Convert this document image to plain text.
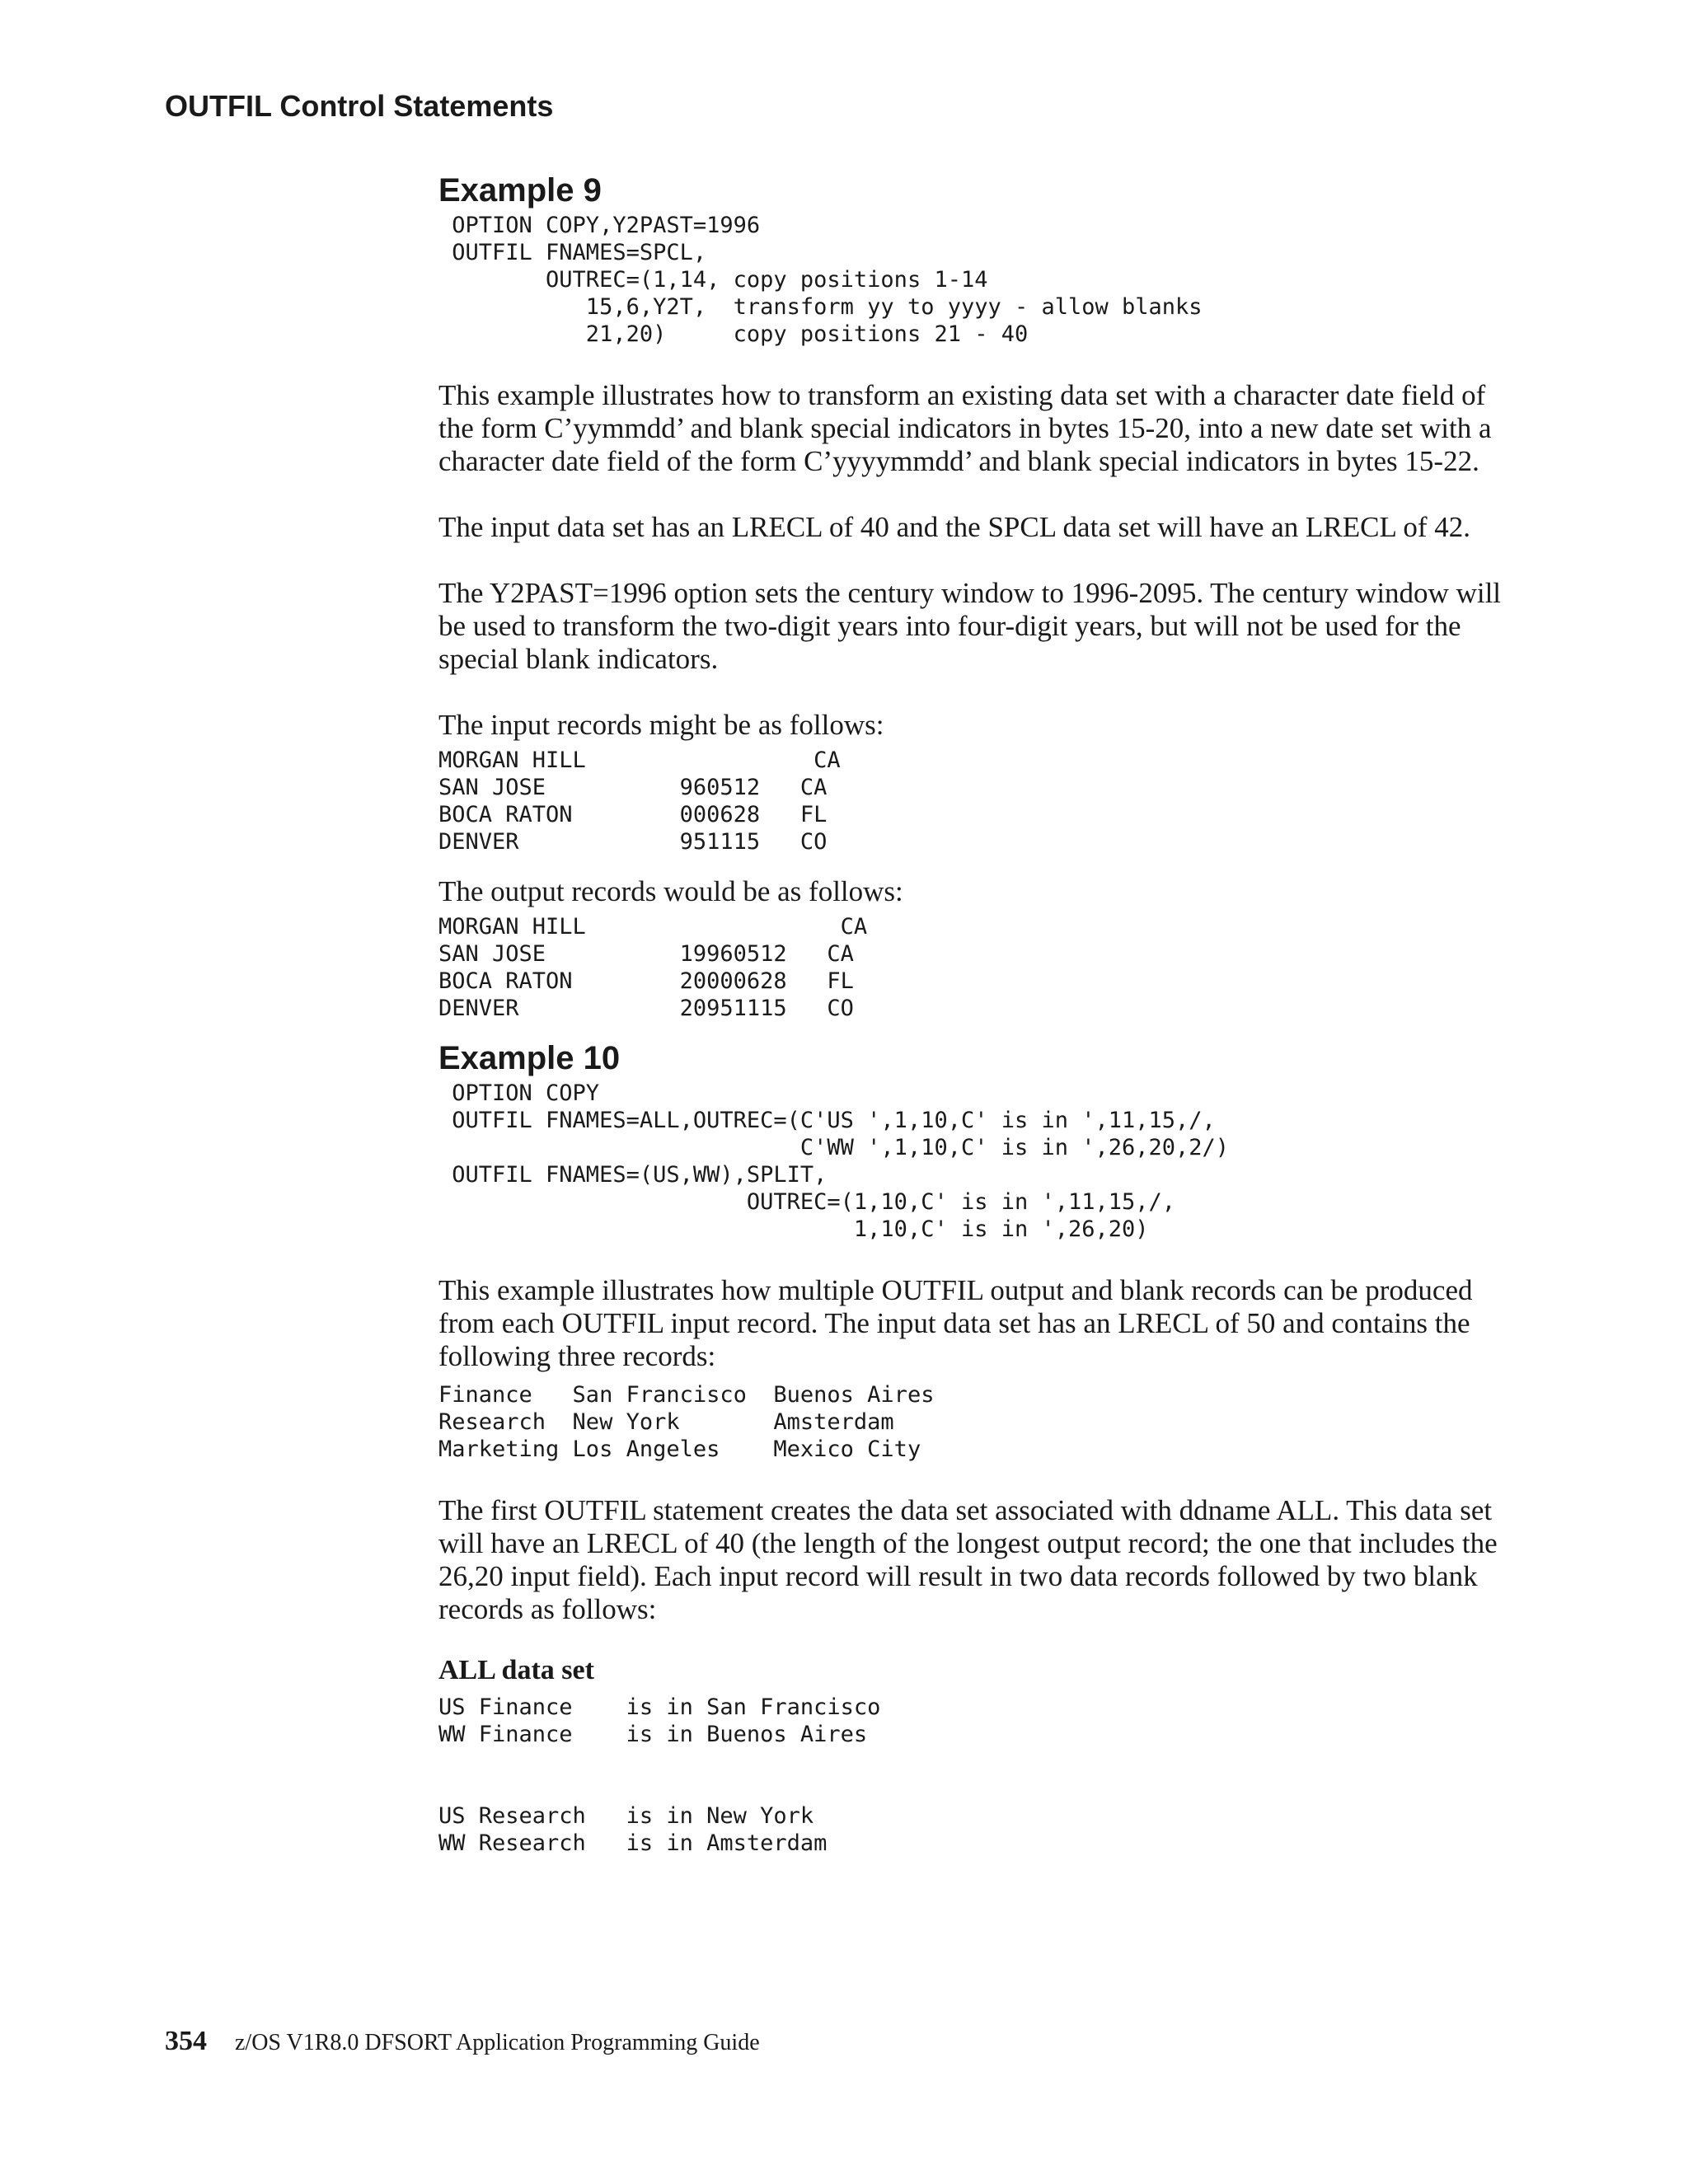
OUTFIL Control Statements
Example 9
OPTION COPY,Y2PAST=1996
OUTFIL FNAMES=SPCL,
OUTREC=(1,14, copy positions 1-14
15,6,Y2T,  transform yy to yyyy - allow blanks
21,20)     copy positions 21 - 40

This example illustrates how to transform an existing data set with a character date field of the form C’yymmdd’ and blank special indicators in bytes 15-20, into a new date set with a character date field of the form C’yyyymmdd’ and blank special indicators in bytes 15-22.

The input data set has an LRECL of 40 and the SPCL data set will have an LRECL of 42.

The Y2PAST=1996 option sets the century window to 1996-2095. The century window will be used to transform the two-digit years into four-digit years, but will not be used for the special blank indicators.

The input records might be as follows:

MORGAN HILL                 CA
SAN JOSE          960512   CA
BOCA RATON        000628   FL
DENVER            951115   CO

The output records would be as follows:

MORGAN HILL                   CA
SAN JOSE          19960512   CA
BOCA RATON        20000628   FL
DENVER            20951115   CO
Example 10
OPTION COPY
OUTFIL FNAMES=ALL,OUTREC=(C'US ',1,10,C' is in ',11,15,/,
C'WW ',1,10,C' is in ',26,20,2/)
OUTFIL FNAMES=(US,WW),SPLIT,
OUTREC=(1,10,C' is in ',11,15,/,
1,10,C' is in ',26,20)

This example illustrates how multiple OUTFIL output and blank records can be produced from each OUTFIL input record. The input data set has an LRECL of 50 and contains the following three records:

Finance   San Francisco  Buenos Aires
Research  New York       Amsterdam
Marketing Los Angeles    Mexico City

The first OUTFIL statement creates the data set associated with ddname ALL. This data set will have an LRECL of 40 (the length of the longest output record; the one that includes the 26,20 input field). Each input record will result in two data records followed by two blank records as follows:

ALL data set
US Finance    is in San Francisco
WW Finance    is in Buenos Aires

US Research   is in New York
WW Research   is in Amsterdam
354 z/OS V1R8.0 DFSORT Application Programming Guide
